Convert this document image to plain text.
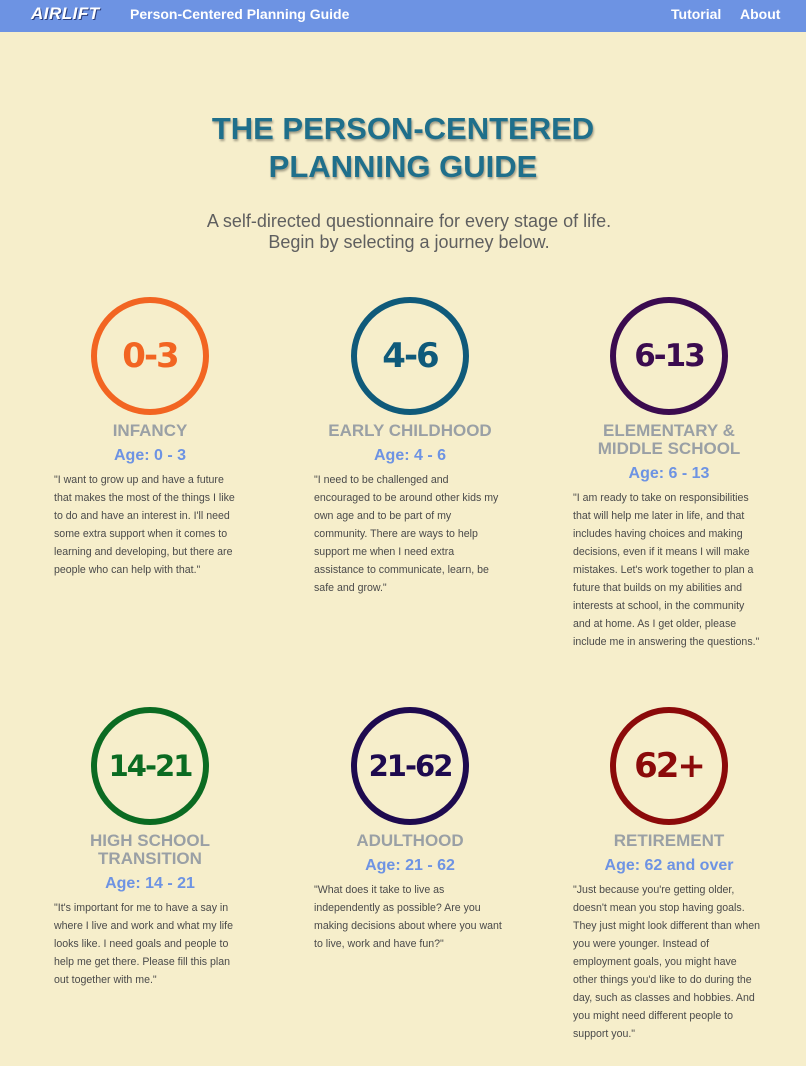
AIRLIFT Person-Centered Planning Guide	Tutorial About
THE PERSON-CENTERED
PLANNING GUIDE
A self-directed questionnaire for every stage of life.
Begin by selecting a journey below.
0-3
INFANCY
Age: 0 - 3
"I want to grow up and have a future that makes the most of the things I like to do and have an interest in. I'll need some extra support when it comes to learning and developing, but there are people who can help with that."
4-6
EARLY CHILDHOOD
Age: 4 - 6
"I need to be challenged and encouraged to be around other kids my own age and to be part of my community. There are ways to help support me when I need extra assistance to communicate, learn, be safe and grow."
6-13
ELEMENTARY &
MIDDLE SCHOOL
Age: 6 - 13
"I am ready to take on responsibilities that will help me later in life, and that includes having choices and making decisions, even if it means I will make mistakes. Let's work together to plan a future that builds on my abilities and interests at school, in the community and at home. As I get older, please include me in answering the questions."
14-21
HIGH SCHOOL
TRANSITION
Age: 14 - 21
"It's important for me to have a say in where I live and work and what my life looks like. I need goals and people to help me get there. Please fill this plan out together with me."
21-62
ADULTHOOD
Age: 21 - 62
"What does it take to live as independently as possible? Are you making decisions about where you want to live, work and have fun?"
62+
RETIREMENT
Age: 62 and over
"Just because you're getting older, doesn't mean you stop having goals. They just might look different than when you were younger. Instead of employment goals, you might have other things you'd like to do during the day, such as classes and hobbies. And you might need different people to support you."
